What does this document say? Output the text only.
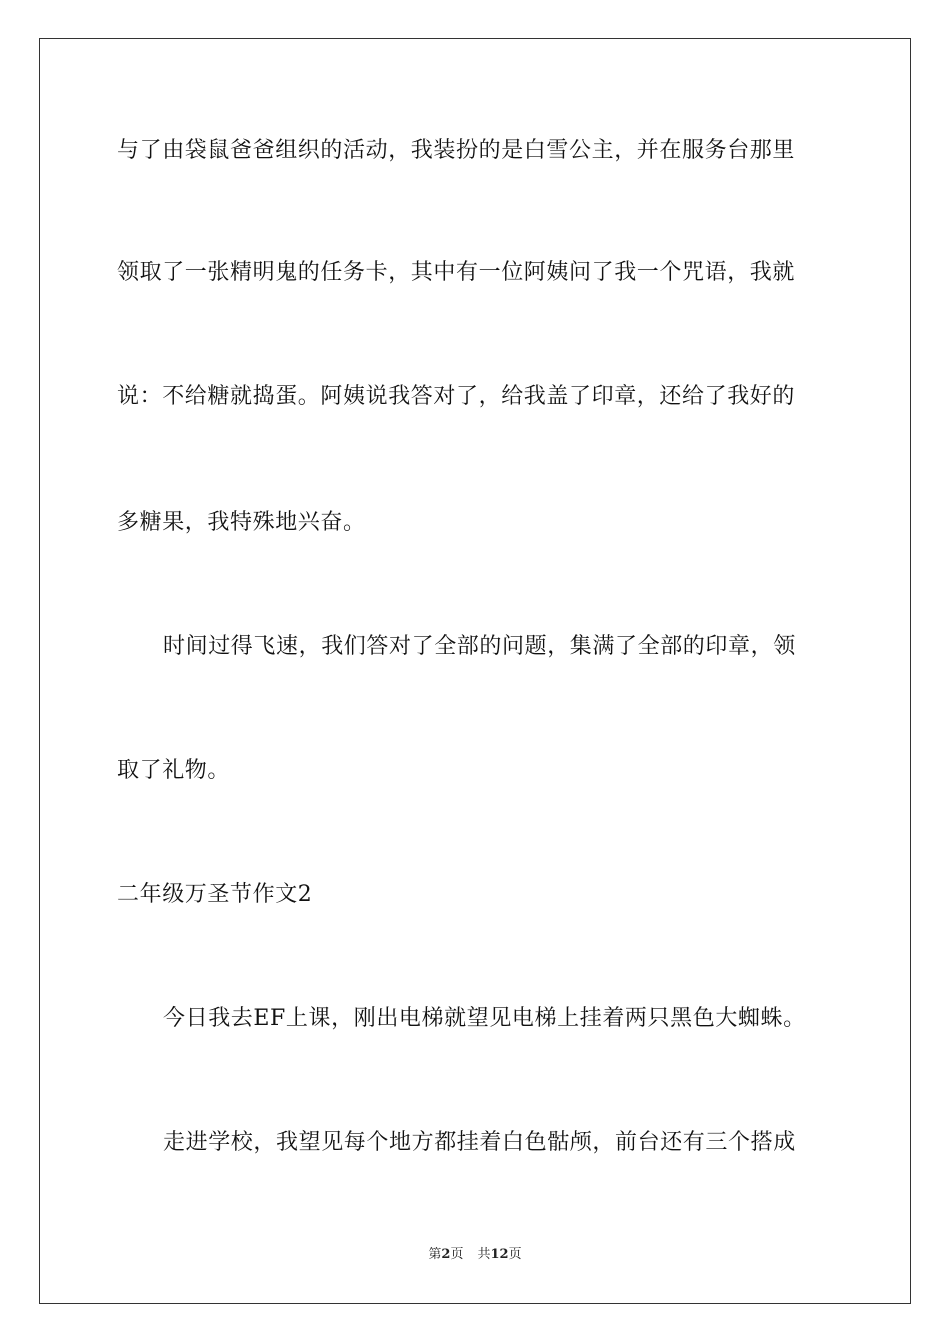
与了由袋鼠爸爸组织的活动，我装扮的是白雪公主，并在服务台那里
领取了一张精明鬼的任务卡，其中有一位阿姨问了我一个咒语，我就
说：不给糖就捣蛋。阿姨说我答对了，给我盖了印章，还给了我好的
多糖果，我特殊地兴奋。
时间过得飞速，我们答对了全部的问题，集满了全部的印章，领
取了礼物。
二年级万圣节作文2
今日我去EF上课，刚出电梯就望见电梯上挂着两只黑色大蜘蛛。
走进学校，我望见每个地方都挂着白色骷颅，前台还有三个搭成
第2页 共12页
